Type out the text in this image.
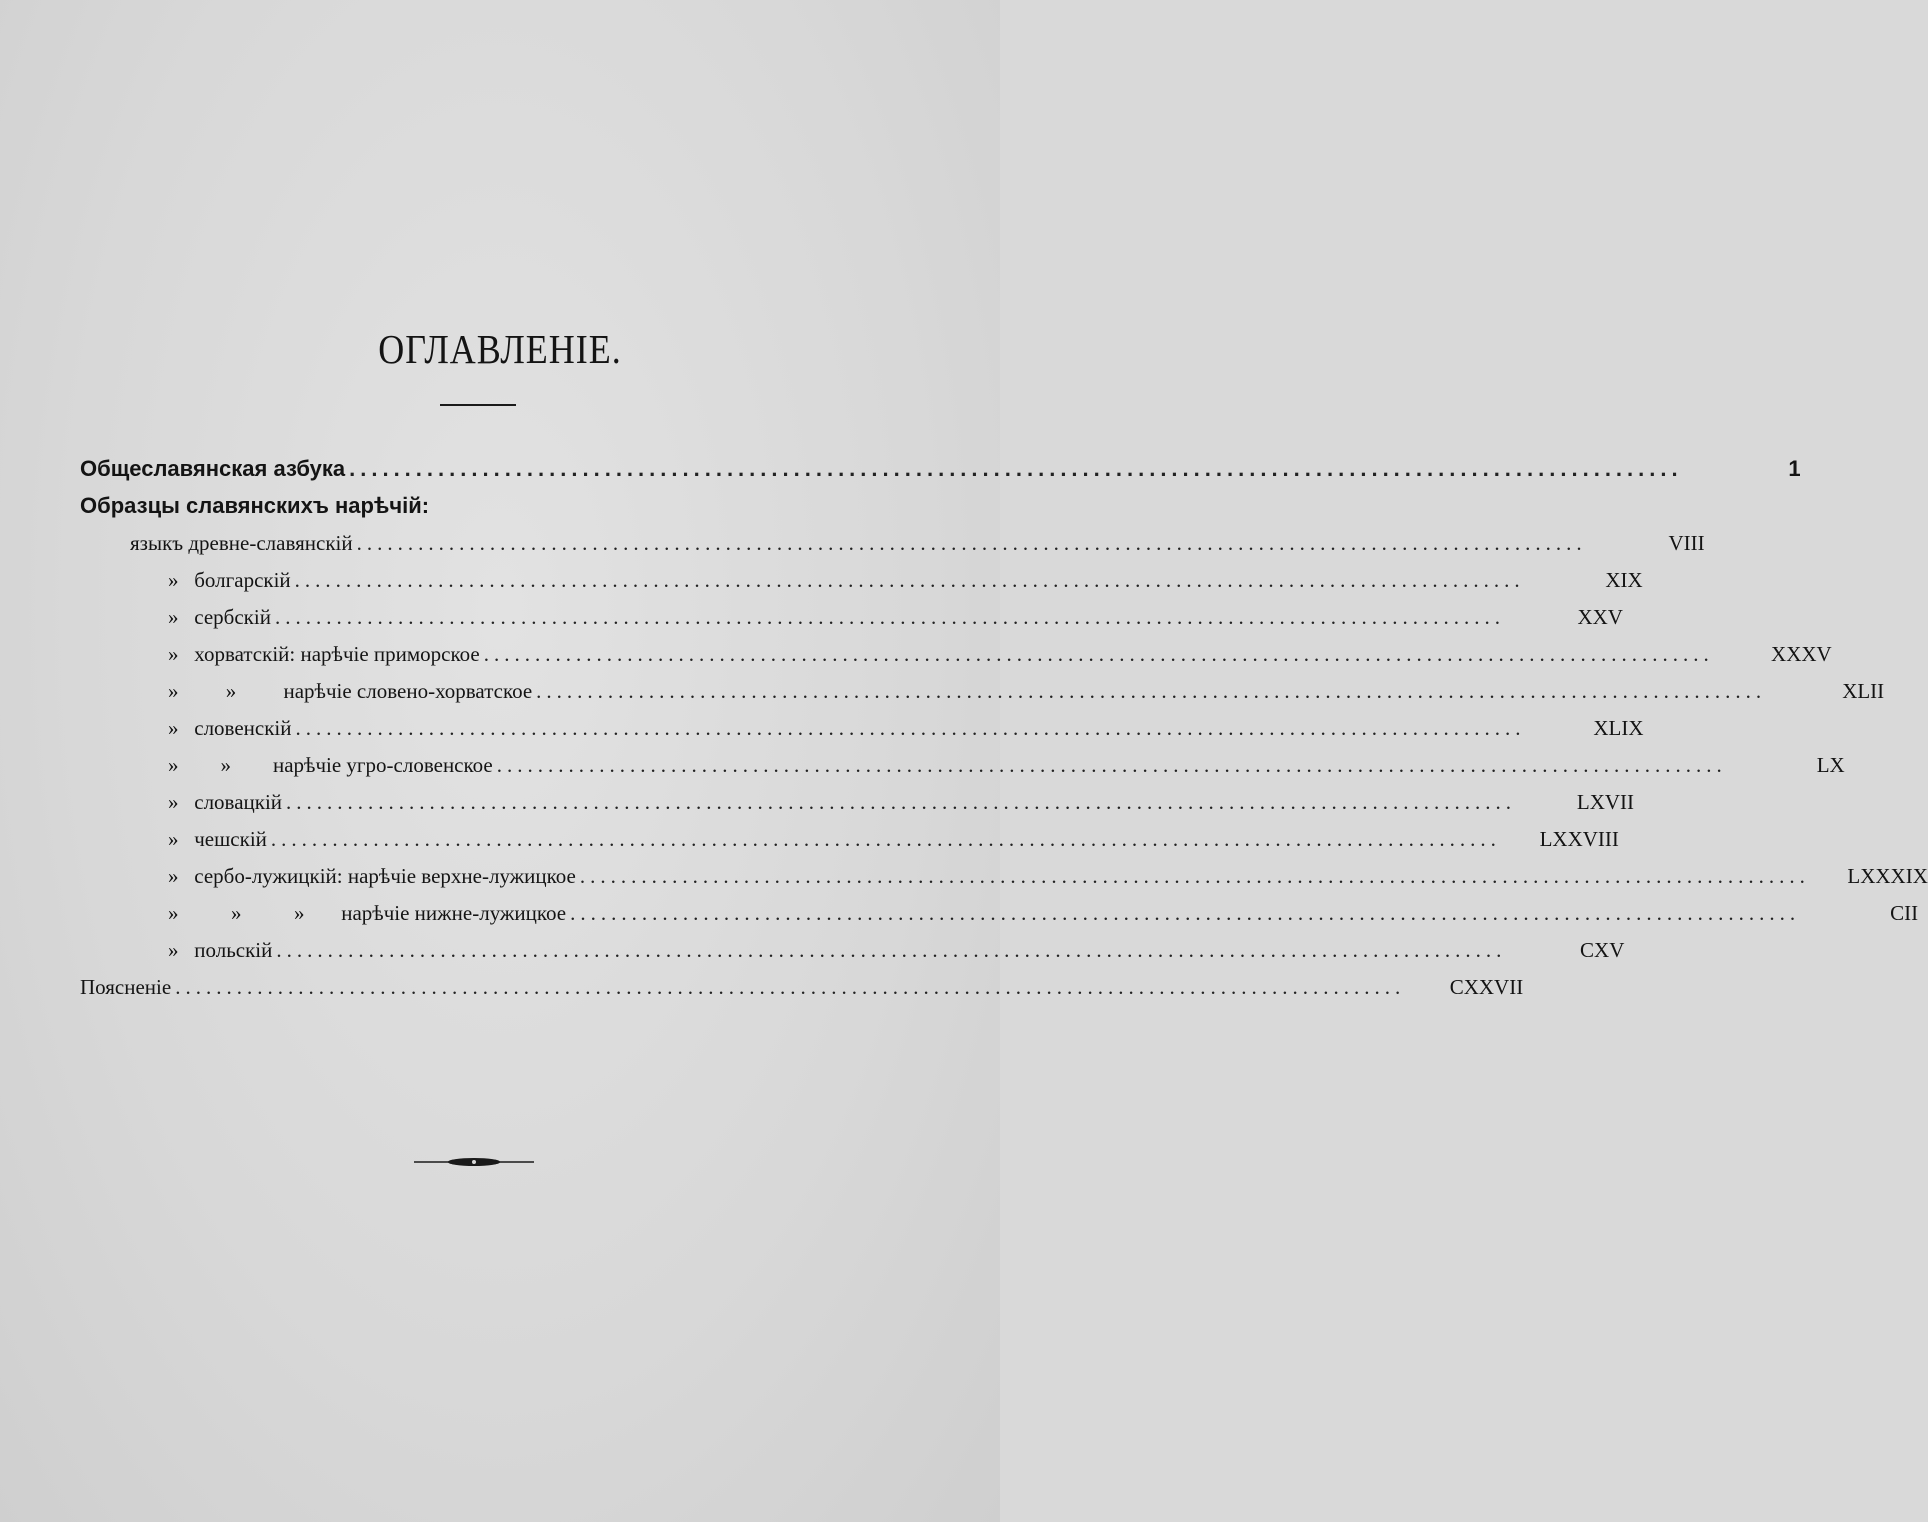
ОГЛАВЛЕНІЕ.
Общеславянская азбука ........................................................................................................................	1
Образцы славянскихъ нарѣчій:
языкъ древне-славянскій ........................................................................................................................	VIII
»   болгарскій ........................................................................................................................	XIX
»   сербскій ........................................................................................................................	XXV
»   хорватскій: нарѣчіе приморское ........................................................................................................................	XXXV
»         »         нарѣчіе словено-хорватское ........................................................................................................................	XLII
»   словенскій ........................................................................................................................	XLIX
»        »        нарѣчіе угро-словенское ........................................................................................................................	LX
»   словацкій ........................................................................................................................	LXVII
»   чешскій ........................................................................................................................	LXXVIII
»   сербо-лужицкій: нарѣчіе верхне-лужицкое ........................................................................................................................	LXXXIX
»          »          »       нарѣчіе нижне-лужицкое ........................................................................................................................	CII
»   польскій ........................................................................................................................	CXV
Поясненіе ........................................................................................................................	CXXVII
